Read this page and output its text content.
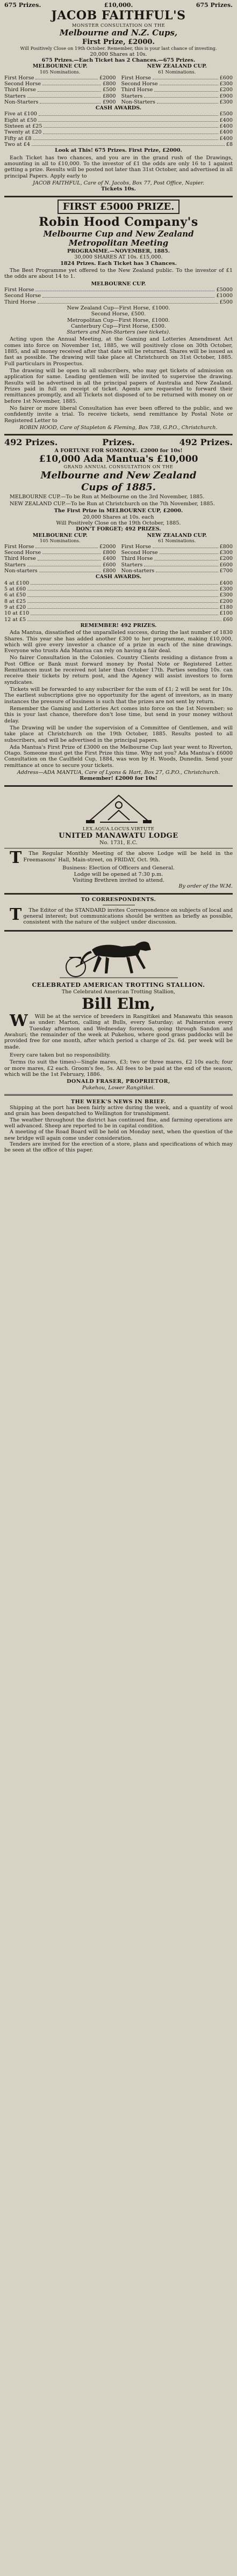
675 Prizes.	£10,000.	675 Prizes.
JACOB FAITHFUL'S
MONSTER CONSULTATION ON THE
Melbourne and N.Z. Cups,
First Prize, £2000.
Will Positively Close on 19th October. Remember, this is your last chance of investing.
20,000 Shares at 10s.
675 Prizes.—Each Ticket has 2 Chances.—675 Prizes.
MELBOURNE CUP.
105 Nominations.
First Horse	£2000
Second Horse	£800
Third Horse	£500
Starters	£800
Non-Starters	£900
NEW ZEALAND CUP.
61 Nominations.
First Horse	£600
Second Horse	£300
Third Horse	£200
Starters	£900
Non-Starters	£300
CASH AWARDS.
Five at £100	£500
Eight at £50	£400
Sixteen at £25	£400
Twenty at £20	£400
Fifty at £8	£400
Two at £4	£8
Look at This! 675 Prizes. First Prize, £2000.

Each Ticket has two chances, and you are in the grand rush of the Drawings, amounting in all to £10,000. To the investor of £1 the odds are only 16 to 1 against getting a prize. Results will be posted not later than 31st October, and advertised in all principal Papers. Apply early to

JACOB FAITHFUL, Care of N. Jacobs, Box 77, Post Office, Napier.
Tickets 10s.
FIRST £5000 PRIZE.
Robin Hood Company's
Melbourne Cup and New Zealand
Metropolitan Meeting
PROGRAMME.—NOVEMBER, 1885.
30,000 SHARES AT 10s. £15,000.
1824 Prizes. Each Ticket has 3 Chances.

The Best Programme yet offered to the New Zealand public. To the investor of £1 the odds are about 14 to 1.

MELBOURNE CUP.
First Horse	£5000
Second Horse	£1000
Third Horse	£500
New Zealand Cup—First Horse, £1000.
Second Horse, £500.
Metropolitan Cup—First Horse, £1000.
Canterbury Cup—First Horse, £500.
Starters and Non-Starters (see tickets).

Acting upon the Annual Meeting, at the Gaming and Lotteries Amendment Act comes into force on November 1st, 1885, we will positively close on 30th October, 1885, and all money received after that date will be returned. Shares will be issued as fast as possible. The drawing will take place at Christchurch on 31st October, 1885. Full particulars in Prospectus.

The drawing will be open to all subscribers, who may get tickets of admission on application for same. Leading gentlemen will be invited to supervise the drawing. Results will be advertised in all the principal papers of Australia and New Zealand. Prizes paid in full on receipt of ticket. Agents are requested to forward their remittances promptly, and all Tickets not disposed of to be returned with money on or before 1st November, 1885.

No fairer or more liberal Consultation has ever been offered to the public, and we confidently invite a trial. To receive tickets, send remittance by Postal Note or Registered Letter to

ROBIN HOOD, Care of Stapleton & Fleming, Box 738, G.P.O., Christchurch.
492 Prizes.	Prizes.	492 Prizes.
A FORTUNE FOR SOMEONE. £2000 for 10s!
£10,000 Ada Mantua's £10,000
GRAND ANNUAL CONSULTATION ON THE
Melbourne and New Zealand
Cups of 1885.

MELBOURNE CUP.—To be Run at Melbourne on the 3rd November, 1885.

NEW ZEALAND CUP.—To be Run at Christchurch on the 7th November, 1885.

The First Prize in MELBOURNE CUP, £2000.
20,000 Shares at 10s. each
Will Positively Close on the 19th October, 1885.
DON'T FORGET; 492 PRIZES.
MELBOURNE CUP.
105 Nominations.
First Horse	£2000
Second Horse	£800
Third Horse	£400
Starters	£600
Non-starters	£800
NEW ZEALAND CUP.
61 Nominations.
First Horse	£800
Second Horse	£300
Third Horse	£200
Starters	£600
Non-starters	£700
CASH AWARDS.
4 at £100	£400
5 at £60	£300
6 at £50	£300
8 at £25	£200
9 at £20	£180
10 at £10	£100
12 at £5	£60
REMEMBER! 492 PRIZES.

Ada Mantua, dissatisfied of the unparalleled success, during the last number of 1830 Shares. This year she has added another £300 to her programme, making £10,000, which will give every investor a chance of a prize in each of the nine drawings. Everyone who trusts Ada Mantua can rely on having a fair deal.

No fairer Consultation in the Colonies. Country Clients residing a distance from a Post Office or Bank must forward money by Postal Note or Registered Letter. Remittances must be received not later than October 17th. Parties sending 10s. can receive their tickets by return post, and the Agency will assist investors to form syndicates.

Tickets will be forwarded to any subscriber for the sum of £1; 2 will be sent for 10s. The earliest subscriptions give no opportunity for the agent of investors, as in many instances the pressure of business is such that the prizes are not sent by return.

Remember the Gaming and Lotteries Act comes into force on the 1st November; so this is your last chance, therefore don't lose time, but send in your money without delay.

The Drawing will be under the supervision of a Committee of Gentlemen, and will take place at Christchurch on the 19th October, 1885. Results posted to all subscribers, and will be advertised in the principal papers.

Ada Mantua's First Prize of £3000 on the Melbourne Cup last year went to Riverton, Otago. Someone must get the First Prize this time. Why not you? Ada Mantua's £6000 Consultation on the Caulfield Cup, 1884, was won by H. Woods, Dunedin. Send your remittance at once to secure your tickets.

Address—ADA MANTUA, Care of Lyons & Hart, Box 27, G.P.O., Christchurch.
Remember! £2000 for 10s!
LEX.AQUA.LOCUS.VIRTUTE
UNITED MANAWATU LODGE
No. 1731, E.C.

T The Regular Monthly Meeting of the above Lodge will be held in the Freemasons' Hall, Main-street, on FRIDAY, Oct. 9th.

Business: Election of Officers and General.
Lodge will be opened at 7:30 p.m.
Visiting Brethren invited to attend.
By order of the W.M.
TO CORRESPONDENTS.

T The Editor of the STANDARD invites Correspondence on subjects of local and general interest; but communications should be written as briefly as possible, consistent with the nature of the subject under discussion.

CELEBRATED AMERICAN TROTTING STALLION.
The Celebrated American Trotting Stallion,
Bill Elm,

W Will be at the service of breeders in Rangitikei and Manawatu this season as under: Marton, calling at Bulls, every Saturday; at Palmerston every Tuesday afternoon and Wednesday forenoon, going through Sandon and Awahuri; the remainder of the week at Pukehou, where good grass paddocks will be provided free for one month, after which period a charge of 2s. 6d. per week will be made.

Every care taken but no responsibility.

Terms (to suit the times)—Single mares, £3; two or three mares, £2 10s each; four or more mares, £2 each. Groom's fee, 5s. All fees to be paid at the end of the season, which will be the 1st February, 1886.

DONALD FRASER, PROPRIETOR,
Pukehou, Lower Rangitikei.
THE WEEK'S NEWS IN BRIEF.

Shipping at the port has been fairly active during the week, and a quantity of wool and grain has been despatched to Wellington for transhipment.

The weather throughout the district has continued fine, and farming operations are well advanced. Sheep are reported to be in capital condition.

A meeting of the Road Board will be held on Monday next, when the question of the new bridge will again come under consideration.

Tenders are invited for the erection of a store, plans and specifications of which may be seen at the office of this paper.
